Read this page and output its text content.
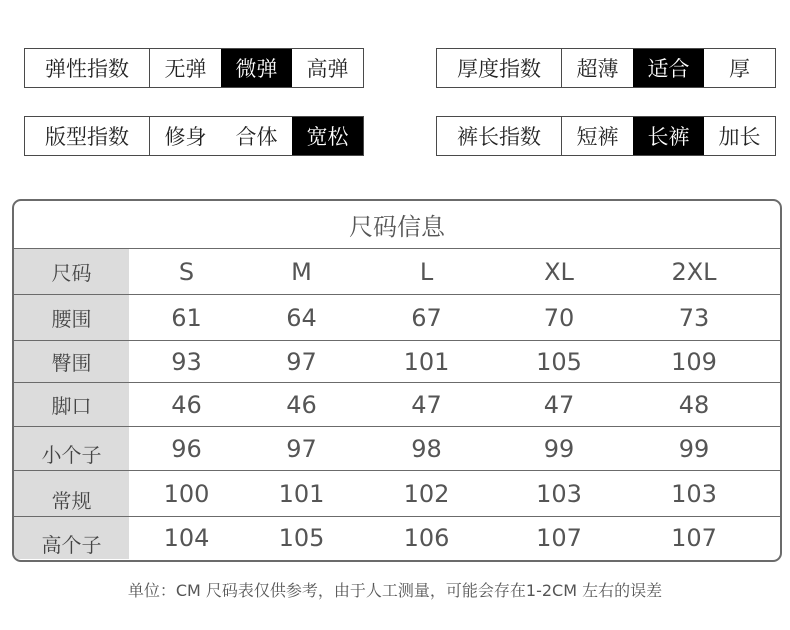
弹性指数	无弹	微弹	高弹	厚度指数	超薄	适合	厚
版型指数	修身	合体	宽松	裤长指数	短裤	长裤	加长
尺码信息
尺码	S	M	L	XL	2XL
腰围	61	64	67	70	73
臀围	93	97	101	105	109
脚口	46	46	47	47	48
小个子	96	97	98	99	99
常规	100	101	102	103	103
高个子	104	105	106	107	107
单位：CM 尺码表仅供参考，由于人工测量，可能会存在1-2CM 左右的误差
